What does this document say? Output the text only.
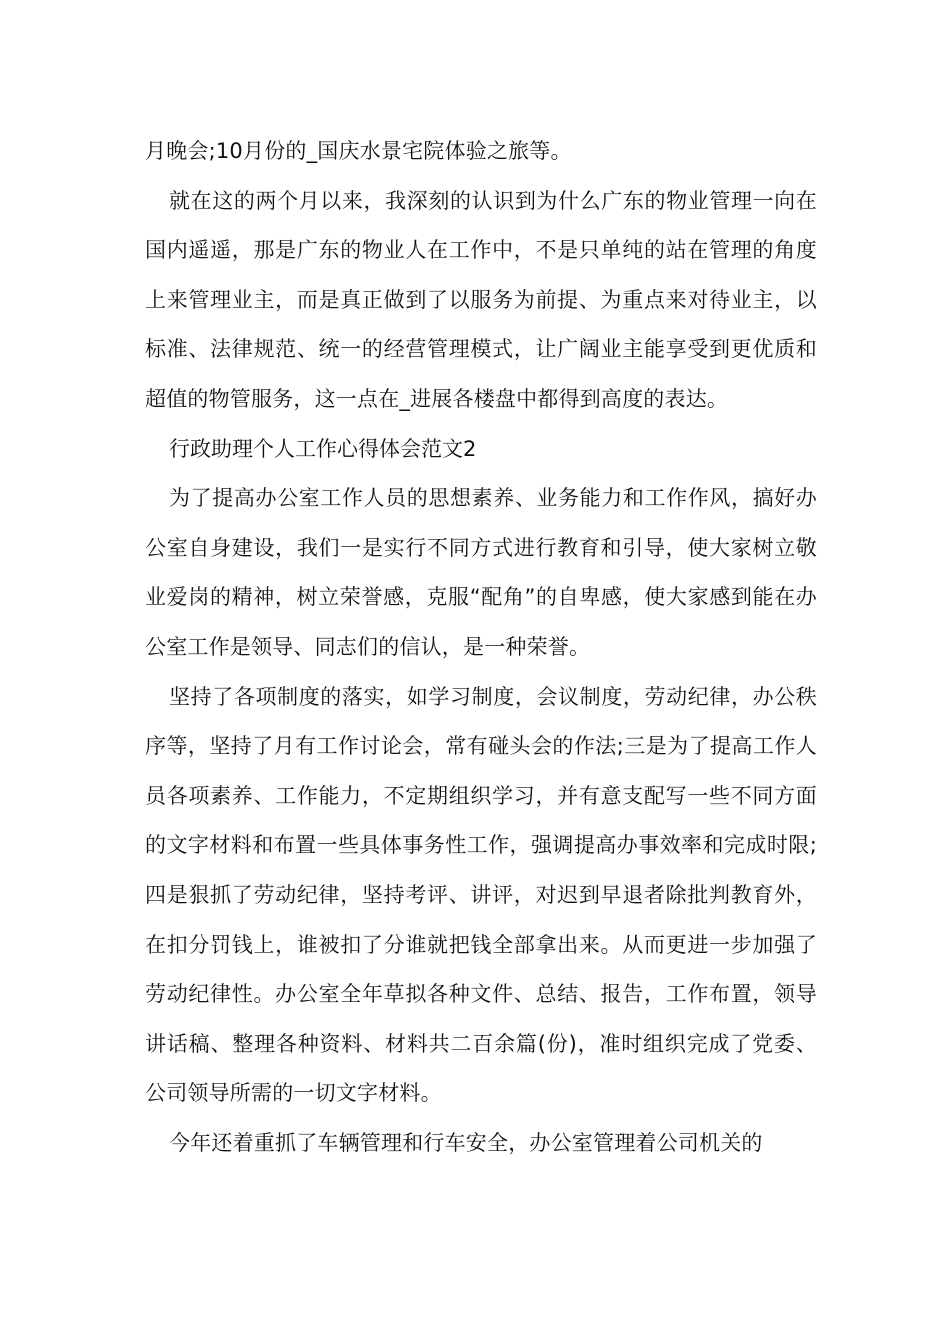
月晚会;10月份的_国庆水景宅院体验之旅等。

就在这的两个月以来，我深刻的认识到为什么广东的物业管理一向在国内遥遥，那是广东的物业人在工作中，不是只单纯的站在管理的角度上来管理业主，而是真正做到了以服务为前提、为重点来对待业主，以标准、法律规范、统一的经营管理模式，让广阔业主能享受到更优质和超值的物管服务，这一点在_进展各楼盘中都得到高度的表达。

行政助理个人工作心得体会范文2

为了提高办公室工作人员的思想素养、业务能力和工作作风，搞好办公室自身建设，我们一是实行不同方式进行教育和引导，使大家树立敬业爱岗的精神，树立荣誉感，克服“配角”的自卑感，使大家感到能在办公室工作是领导、同志们的信认，是一种荣誉。

坚持了各项制度的落实，如学习制度，会议制度，劳动纪律，办公秩序等，坚持了月有工作讨论会，常有碰头会的作法;三是为了提高工作人员各项素养、工作能力，不定期组织学习，并有意支配写一些不同方面的文字材料和布置一些具体事务性工作，强调提高办事效率和完成时限;四是狠抓了劳动纪律，坚持考评、讲评，对迟到早退者除批判教育外，在扣分罚钱上，谁被扣了分谁就把钱全部拿出来。从而更进一步加强了劳动纪律性。办公室全年草拟各种文件、总结、报告，工作布置，领导讲话稿、整理各种资料、材料共二百余篇(份)，准时组织完成了党委、公司领导所需的一切文字材料。

今年还着重抓了车辆管理和行车安全，办公室管理着公司机关的
